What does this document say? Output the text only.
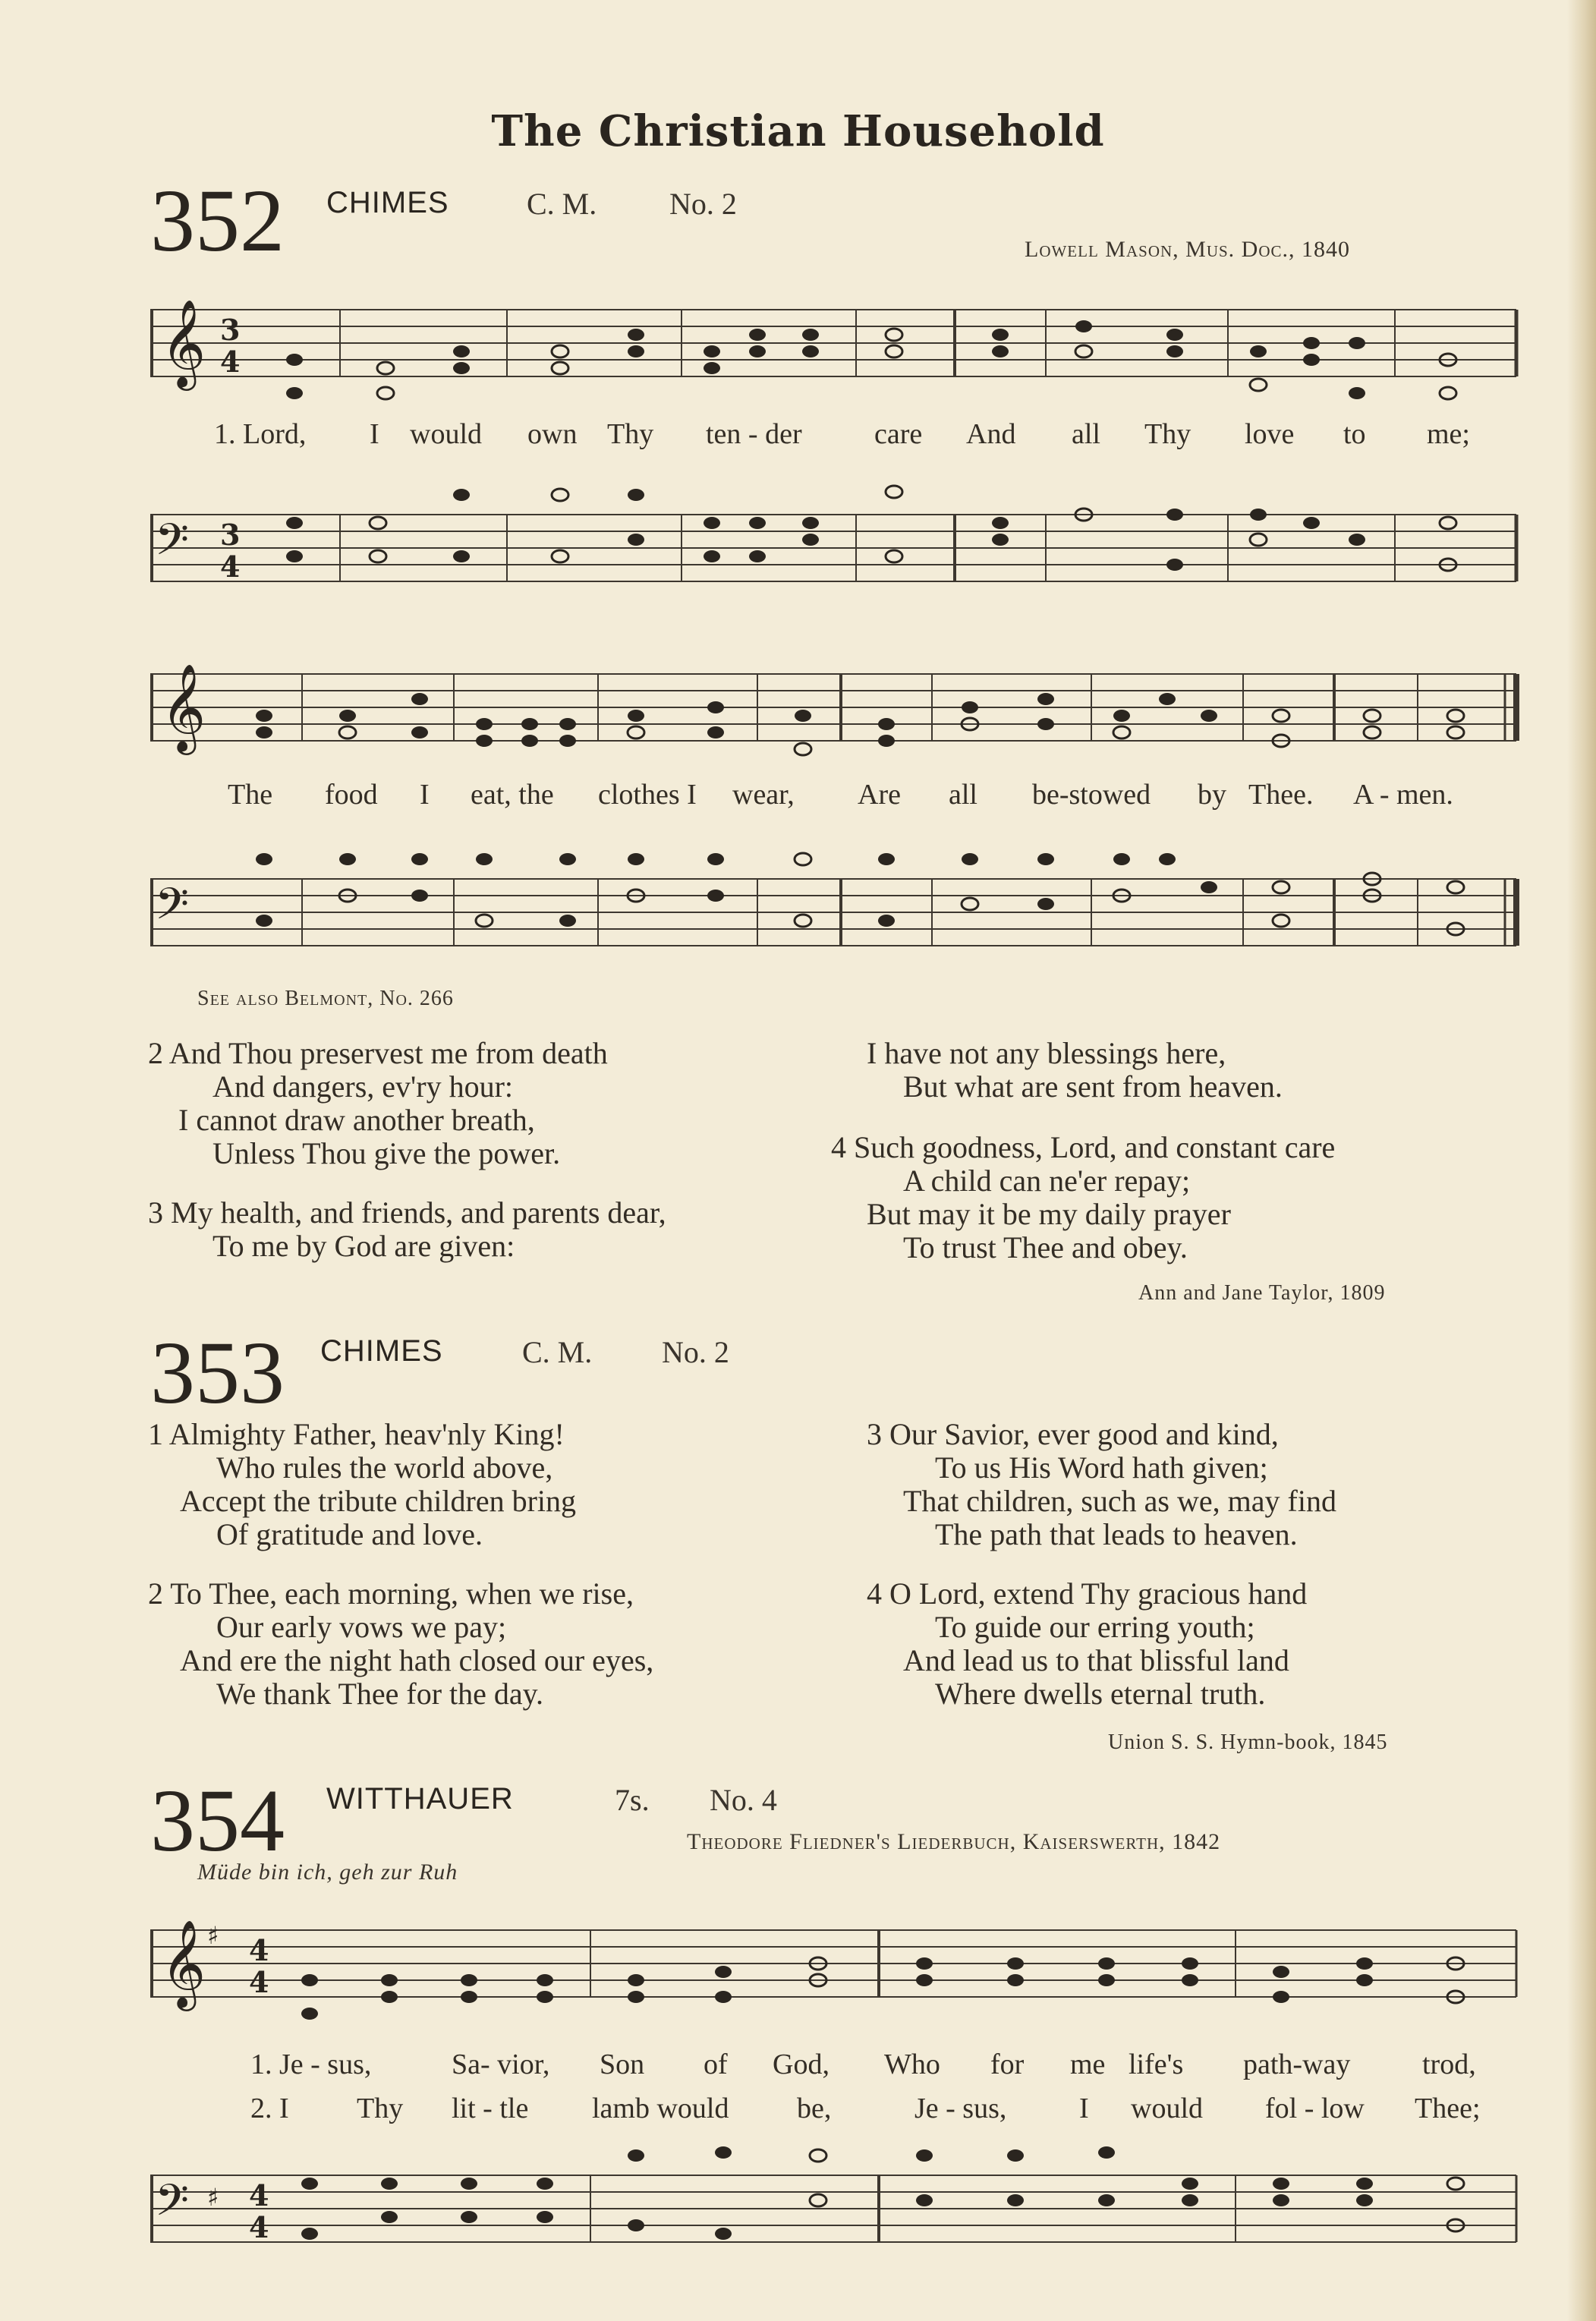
The Christian Household
352 CHIMES	C. M. No. 2
Lowell Mason, Mus. Doc., 1840
𝄞 3
4
1. Lord, I would own Thy ten - der	care And all Thy love to me;
𝄢 3
4
𝄞
The food I eat, the clothes I wear, Are all be-stowed by Thee. A - men.
𝄢
See also Belmont, No. 266
2 And Thou preservest me from death
And dangers, ev'ry hour:
I cannot draw another breath,
Unless Thou give the power.
3 My health, and friends, and parents dear,
To me by God are given:
I have not any blessings here,
But what are sent from heaven.
4 Such goodness, Lord, and constant care
A child can ne'er repay;
But may it be my daily prayer
To trust Thee and obey.
Ann and Jane Taylor, 1809
353 CHIMES	C. M. No. 2
1 Almighty Father, heav'nly King!
Who rules the world above,
Accept the tribute children bring
Of gratitude and love.
2 To Thee, each morning, when we rise,
Our early vows we pay;
And ere the night hath closed our eyes,
We thank Thee for the day.
3 Our Savior, ever good and kind,
To us His Word hath given;
That children, such as we, may find
The path that leads to heaven.
4 O Lord, extend Thy gracious hand
To guide our erring youth;
And lead us to that blissful land
Where dwells eternal truth.
Union S. S. Hymn-book, 1845
354 WITTHAUER	7s. No. 4
Theodore Fliedner's Liederbuch, Kaiserswerth, 1842
Müde bin ich, geh zur Ruh
𝄞 ♯ 4
4
1. Je - sus,	Sa- vior, Son of God, Who for me life's path-way trod,
2. I Thy lit - tle lamb would be,	Je - sus,	I would fol - low Thee;
𝄢 ♯ 4
4
